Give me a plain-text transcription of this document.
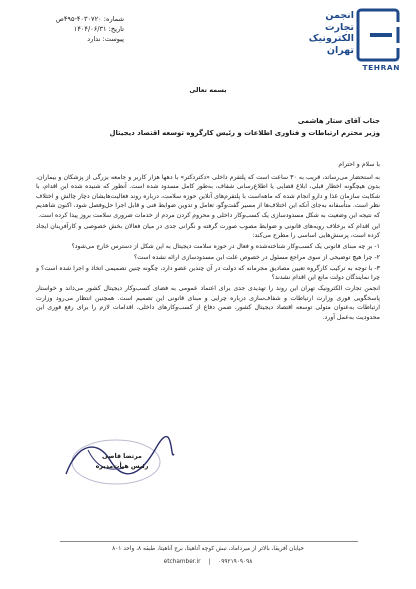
شماره: ۴۰۳۰۷۲۰-۴۹۵ص
تاریخ: ۱۴۰۴/۰۶/۳۱
پیوست: ندارد
انجمن
تجارت
الکترونیک
تهران
TEHRAN
بسمه تعالی
جناب آقای ستار هاشمی
وزیر محترم ارتباطات و فناوری اطلاعات و رئیس کارگروه توسعه اقتصاد دیجیتال

با سلام و احترام

به استحضار می‌رساند، قریب به ۳۰ ساعت است که پلتفرم داخلی «دکتردکتر» با دهها هزار کاربر و جامعه بزرگی از پزشکان و بیماران، بدون هیچگونه اخطار قبلی، ابلاغ قضایی یا اطلاع‌رسانی شفاف، به‌طور کامل مسدود شده است. آنطور که شنیده شده این اقدام، با شکایت سازمان غذا و دارو انجام شده که ماهه‌است با پلتفرم‌های آنلاین حوزه سلامت، درباره روند فعالیت‌هایشان دچار چالش و اختلاف نظر است. متأسفانه به‌جای آنکه این اختلاف‌ها از مسیر گفت‌وگو، تعامل و تدوین ضوابط فنی و قابل اجرا حل‌وفصل شود، اکنون شاهدیم که نتیجه این وضعیت به شکل مسدودسازی یک کسب‌وکار داخلی و محروم کردن مردم از خدمات ضروری سلامت بروز پیدا کرده است.

این اقدام که برخلاف رویه‌های قانونی و ضوابط مصوب صورت گرفته و نگرانی جدی در میان فعالان بخش خصوصی و کارآفرینان ایجاد کرده است، پرسش‌هایی اساسی را مطرح می‌کند:

۱- بر چه مبنای قانونی یک کسب‌وکار شناخته‌شده و فعال در حوزه سلامت دیجیتال به این شکل از دسترس خارج می‌شود؟

۲- چرا هیچ توضیحی از سوی مراجع مسئول در خصوص علت این مسدودسازی ارائه نشده است؟

۳- با توجه به ترکیب کارگروه تعیین مصادیق مجرمانه که دولت در آن چندین عضو دارد، چگونه چنین تصمیمی اتخاذ و اجرا شده است؟ و چرا نمایندگان دولت مانع این اقدام نشدند؟

انجمن تجارت الکترونیک تهران این روند را تهدیدی جدی برای اعتماد عمومی به فضای کسب‌وکار دیجیتال کشور می‌داند و خواستار پاسخگویی فوری وزارت ارتباطات و شفاف‌سازی درباره چرایی و مبنای قانونی این تصمیم است. همچنین انتظار می‌رود وزارت ارتباطات به‌عنوان متولی توسعه اقتصاد دیجیتال کشور، ضمن دفاع از کسب‌وکارهای داخلی، اقدامات لازم را برای رفع فوری این محدودیت به‌عمل آورد.

مرتضا قاصی
رئیس هیأت‌مدیره
خیابان آفریقا، بالاتر از میرداماد، نبش کوچه آناهیتا، برج آناهیتا، طبقه ۸، واحد ۸۰۱
etchamber.ir | ۰۹۹۲۱۹۰۹۰۹۸
